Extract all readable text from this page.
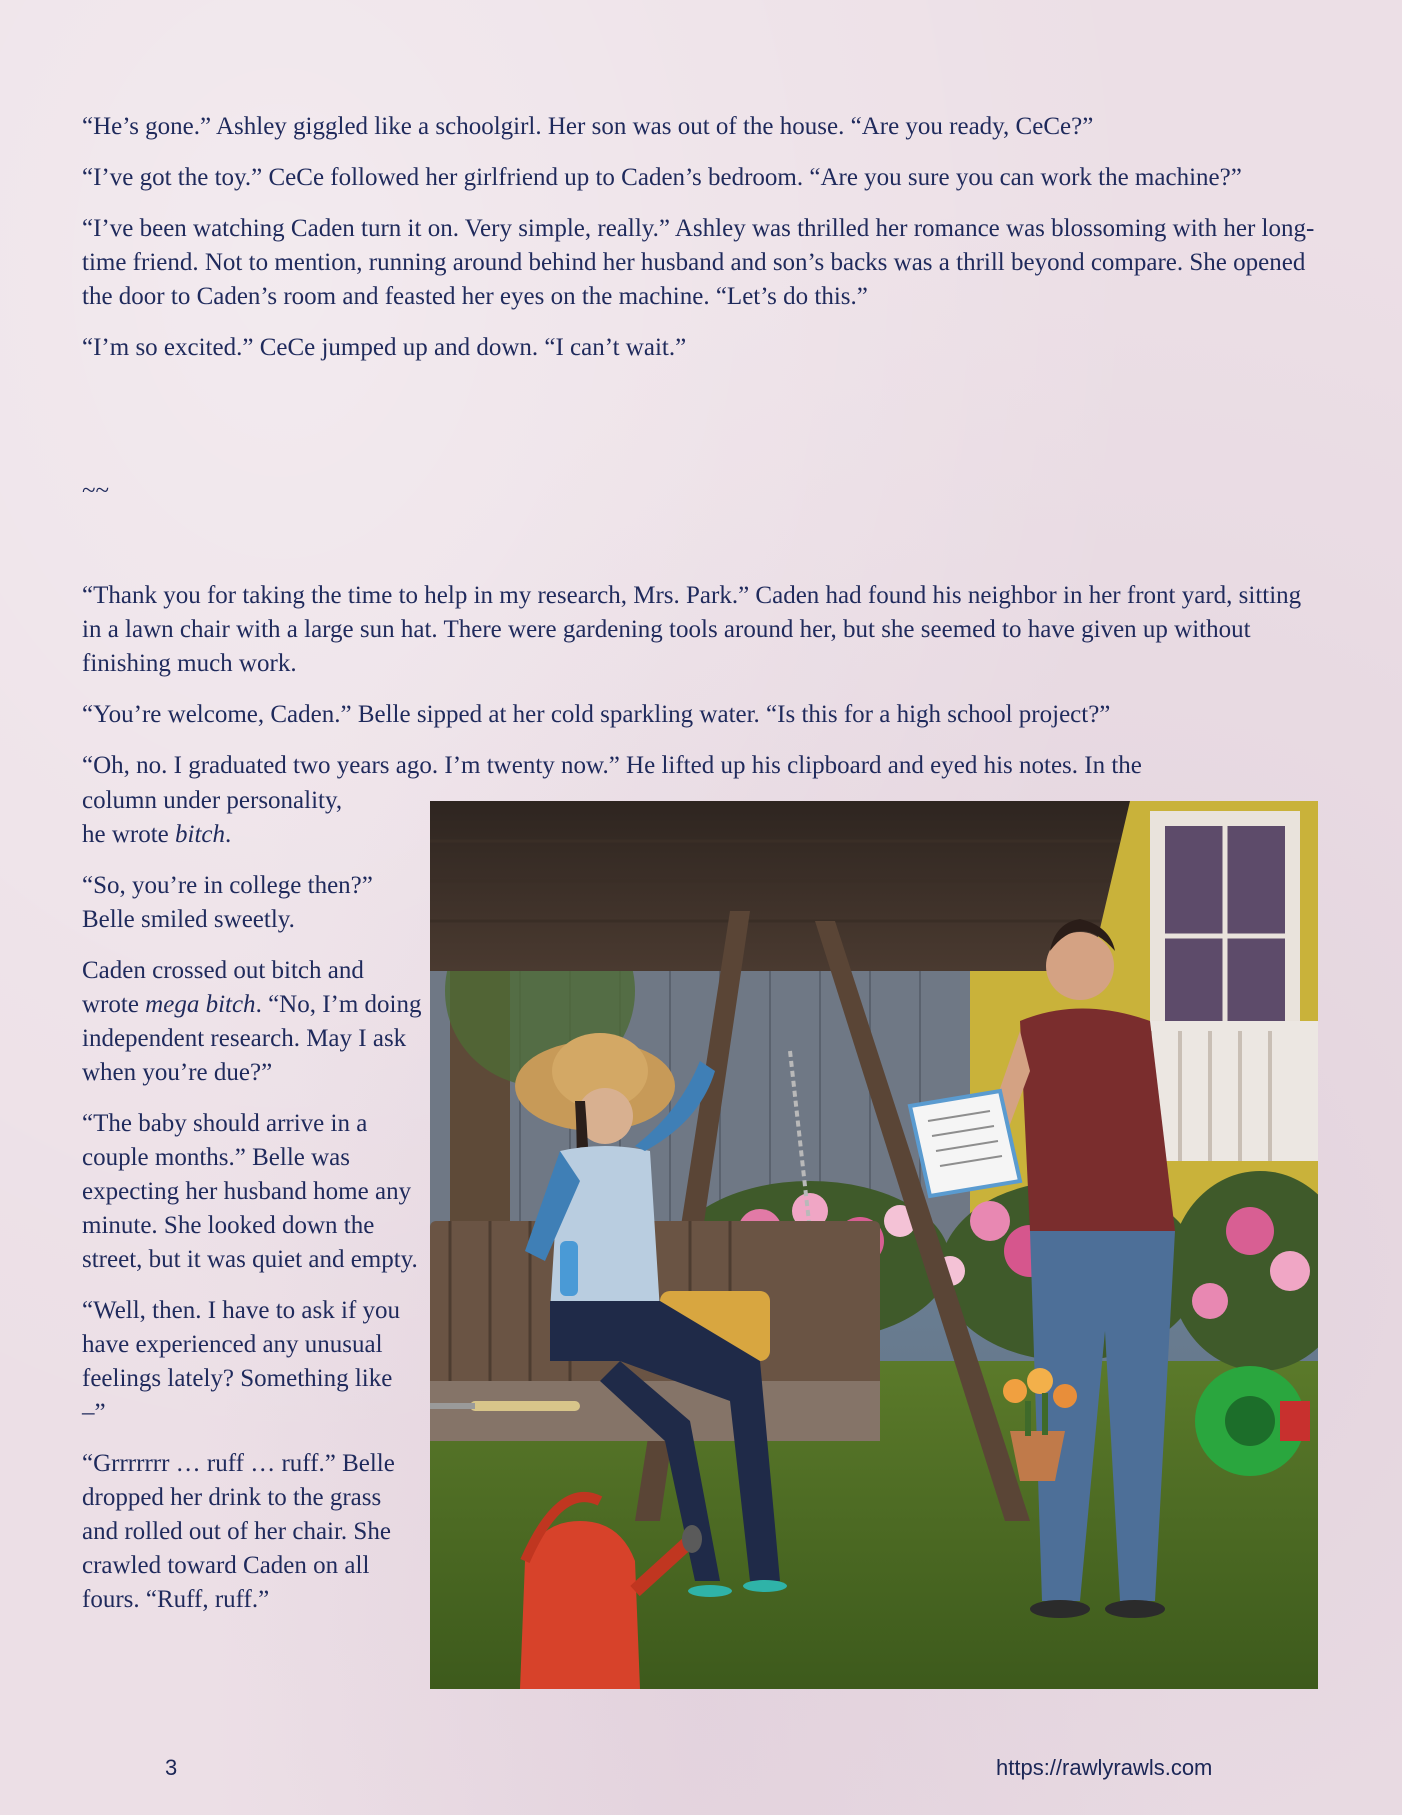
“He’s gone.” Ashley giggled like a schoolgirl. Her son was out of the house. “Are you ready, CeCe?”

“I’ve got the toy.” CeCe followed her girlfriend up to Caden’s bedroom. “Are you sure you can work the machine?”

“I’ve been watching Caden turn it on. Very simple, really.” Ashley was thrilled her romance was blossoming with her long-time friend. Not to mention, running around behind her husband and son’s backs was a thrill beyond compare. She opened the door to Caden’s room and feasted her eyes on the machine. “Let’s do this.”

“I’m so excited.” CeCe jumped up and down. “I can’t wait.”

~~

“Thank you for taking the time to help in my research, Mrs. Park.” Caden had found his neighbor in her front yard, sitting in a lawn chair with a large sun hat. There were gardening tools around her, but she seemed to have given up without finishing much work.

“You’re welcome, Caden.” Belle sipped at her cold sparkling water. “Is this for a high school project?”

“Oh, no. I graduated two years ago. I’m twenty now.” He lifted up his clipboard and eyed his notes. In the

column under personality,
he wrote bitch.

“So, you’re in college then?” Belle smiled sweetly.

Caden crossed out bitch and wrote mega bitch. “No, I’m doing independent research. May I ask when you’re due?”

“The baby should arrive in a couple months.” Belle was expecting her husband home any minute. She looked down the street, but it was quiet and empty.

“Well, then. I have to ask if you have experienced any unusual feelings lately? Something like –”

“Grrrrrrr … ruff … ruff.” Belle dropped her drink to the grass and rolled out of her chair. She crawled toward Caden on all fours. “Ruff, ruff.”

3	https://rawlyrawls.com
